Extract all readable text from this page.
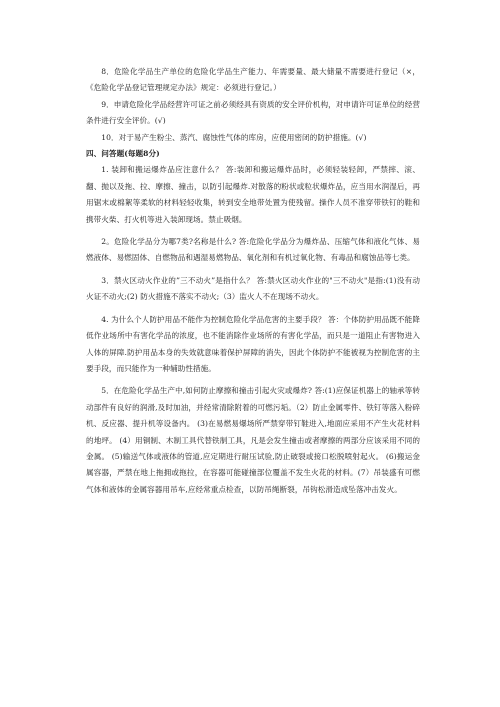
8．危险化学品生产单位的危险化学品生产能力、年需要量、最大储量不需要进行登记（×，《危险化学品登记管理规定办法》规定：必须进行登记。）

9．申请危险化学品经营许可证之前必须经具有资质的安全评价机构，对申请许可证单位的经营条件进行安全评价。(√)

10．对于易产生粉尘、蒸汽、腐蚀性气体的库房，应使用密闭的防护措施。(√)

四、问答题(每题8分)

1. 装卸和搬运爆炸品应注意什么？ 答:装卸和搬运爆炸品时，必须轻装轻卸，严禁摔、滚、翻、抛以及拖、拉、摩擦、撞击，以防引起爆炸.对散落的粉状或粒状爆炸品，应当用水润湿后，再用锯末或棉絮等柔软的材料轻轻收集，转到安全地带处置为使残留。操作人员不准穿带铁钉的鞋和携带火柴、打火机等进入装卸现场。禁止吸烟。

2。危险化学品分为哪7类?名称是什么? 答:危险化学品分为爆炸品、压缩气体和液化气体、易燃液体、易燃固体、自燃物品和遇湿易燃物品、氧化剂和有机过氧化物、有毒品和腐蚀品等七类。

3．禁火区动火作业的”三不动火”是指什么？ 答:禁火区动火作业的"三不动火"是指:(1)没有动火证不动火;(2) 防火措施不落实不动火;（3）监火人不在现场不动火。

4. 为什么个人防护用品不能作为控制危险化学品危害的主要手段？ 答：个体防护用品既不能降低作业场所中有害化学品的浓度，也不能消除作业场所的有害化学品，而只是一道阻止有害物进入人体的屏障.防护用品本身的失效就意味着保护屏障的消失，因此个体防护不能被视为控制危害的主要手段，而只能作为一种辅助性措施。

5．在危险化学品生产中,如何防止摩擦和撞击引起火灾或爆炸? 答:(1)应保证机器上的轴承等转动部件有良好的润滑,及时加油，并经常清除附着的可燃污垢。（2）防止金属零件、铁钉等落入粉碎机、反应器、提升机等设备内。 (3)在易燃易爆场所严禁穿带钉鞋进入,地面应采用不产生火花材料的地坪。 (4）用铜制、木制工具代替铁制工具，凡是会发生撞击或者摩擦的两部分应该采用不同的金属。 (5)输送气体或液体的管道,应定期进行耐压试验,防止破裂或接口松脱喷射起火。 (6)搬运金属容器，严禁在地上拖拥或拖拉，在容器可能碰撞部位覆盖不发生火花的材料。(7）吊装盛有可燃气体和液体的金属容器用吊车,应经常重点检查，以防吊绳断裂，吊钩松滑造成坠落冲击发火。
